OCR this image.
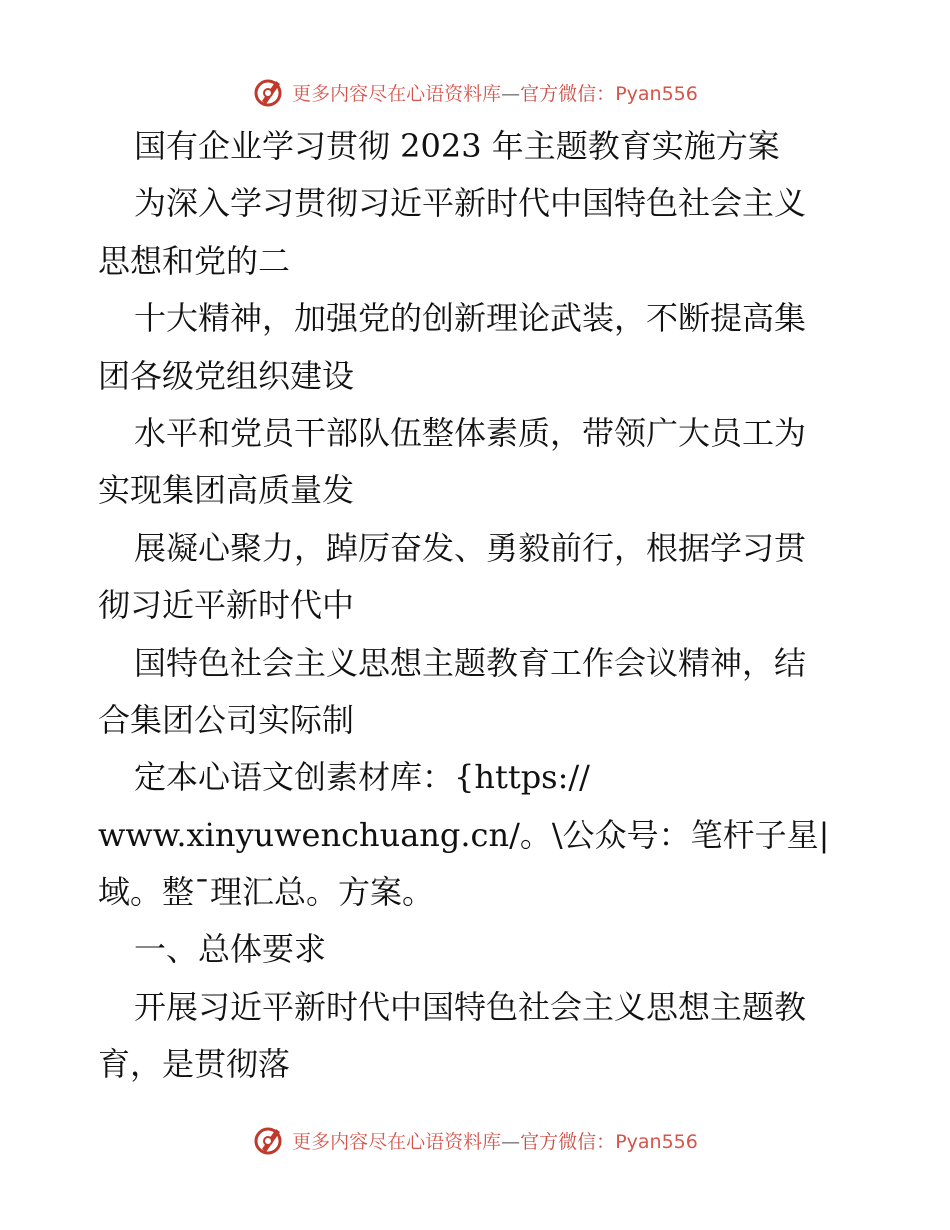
更多内容尽在心语资料库—官方微信：Pyan556
国有企业学习贯彻 2023 年主题教育实施方案
为深入学习贯彻习近平新时代中国特色社会主义
思想和党的二
十大精神，加强党的创新理论武装，不断提高集
团各级党组织建设
水平和党员干部队伍整体素质，带领广大员工为
实现集团高质量发
展凝心聚力，踔厉奋发、勇毅前行，根据学习贯
彻习近平新时代中
国特色社会主义思想主题教育工作会议精神，结
合集团公司实际制
定本心语文创素材库：{https://
www.xinyuwenchuang.cn/。\公众号：笔杆子星|
域。整¯理汇总。方案。
一、总体要求
开展习近平新时代中国特色社会主义思想主题教
育，是贯彻落
更多内容尽在心语资料库—官方微信：Pyan556
